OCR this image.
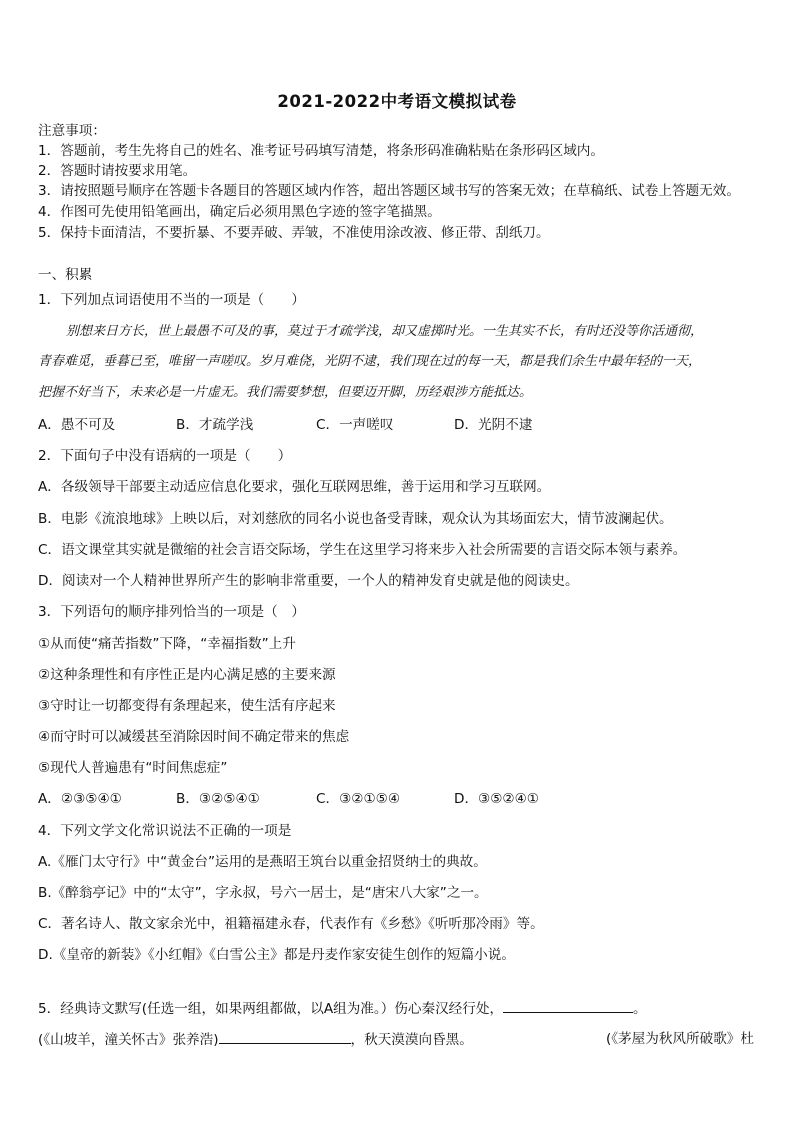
2021-2022中考语文模拟试卷
注意事项：
1．答题前，考生先将自己的姓名、准考证号码填写清楚，将条形码准确粘贴在条形码区域内。
2．答题时请按要求用笔。
3．请按照题号顺序在答题卡各题目的答题区域内作答，超出答题区域书写的答案无效；在草稿纸、试卷上答题无效。
4．作图可先使用铅笔画出，确定后必须用黑色字迹的签字笔描黑。
5．保持卡面清洁，不要折暴、不要弄破、弄皱，不准使用涂改液、修正带、刮纸刀。
一、积累
1．下列加点词语使用不当的一项是（　　）
别想来日方长，世上最愚不可及的事，莫过于才疏学浅，却又虚掷时光。一生其实不长，有时还没等你活通彻，
青春难觅，垂暮已至，唯留一声嗟叹。岁月难侥，光阴不逮，我们现在过的每一天，都是我们余生中最年轻的一天，
把握不好当下，未来必是一片虚无。我们需要梦想，但要迈开脚，历经艰涉方能抵达。
A．愚不可及	B．才疏学浅	C．一声嗟叹	D．光阴不逮
2．下面句子中没有语病的一项是（　　）
A．各级领导干部要主动适应信息化要求，强化互联网思维，善于运用和学习互联网。
B．电影《流浪地球》上映以后，对刘慈欣的同名小说也备受青睐，观众认为其场面宏大，情节波澜起伏。
C．语文课堂其实就是微缩的社会言语交际场，学生在这里学习将来步入社会所需要的言语交际本领与素养。
D．阅读对一个人精神世界所产生的影响非常重要，一个人的精神发育史就是他的阅读史。
3．下列语句的顺序排列恰当的一项是（　）
①从而使“痛苦指数”下降，“幸福指数”上升
②这种条理性和有序性正是内心满足感的主要来源
③守时让一切都变得有条理起来，使生活有序起来
④而守时可以减缓甚至消除因时间不确定带来的焦虑
⑤现代人普遍患有“时间焦虑症”
A．②③⑤④①	B．③②⑤④①	C．③②①⑤④	D．③⑤②④①
4．下列文学文化常识说法不正确的一项是
A.《雁门太守行》中“黄金台”运用的是燕昭王筑台以重金招贤纳士的典故。
B.《醉翁亭记》中的“太守”，字永叔，号六一居士，是“唐宋八大家”之一。
C．著名诗人、散文家余光中，祖籍福建永春，代表作有《乡愁》《听听那冷雨》等。
D.《皇帝的新装》《小红帽》《白雪公主》都是丹麦作家安徒生创作的短篇小说。
5．经典诗文默写(任选一组，如果两组都做，以A组为准。）伤心秦汉经行处，	。
(《山坡羊，潼关怀古》张养浩)	，秋天漠漠向昏黑。	(《茅屋为秋风所破歌》杜
